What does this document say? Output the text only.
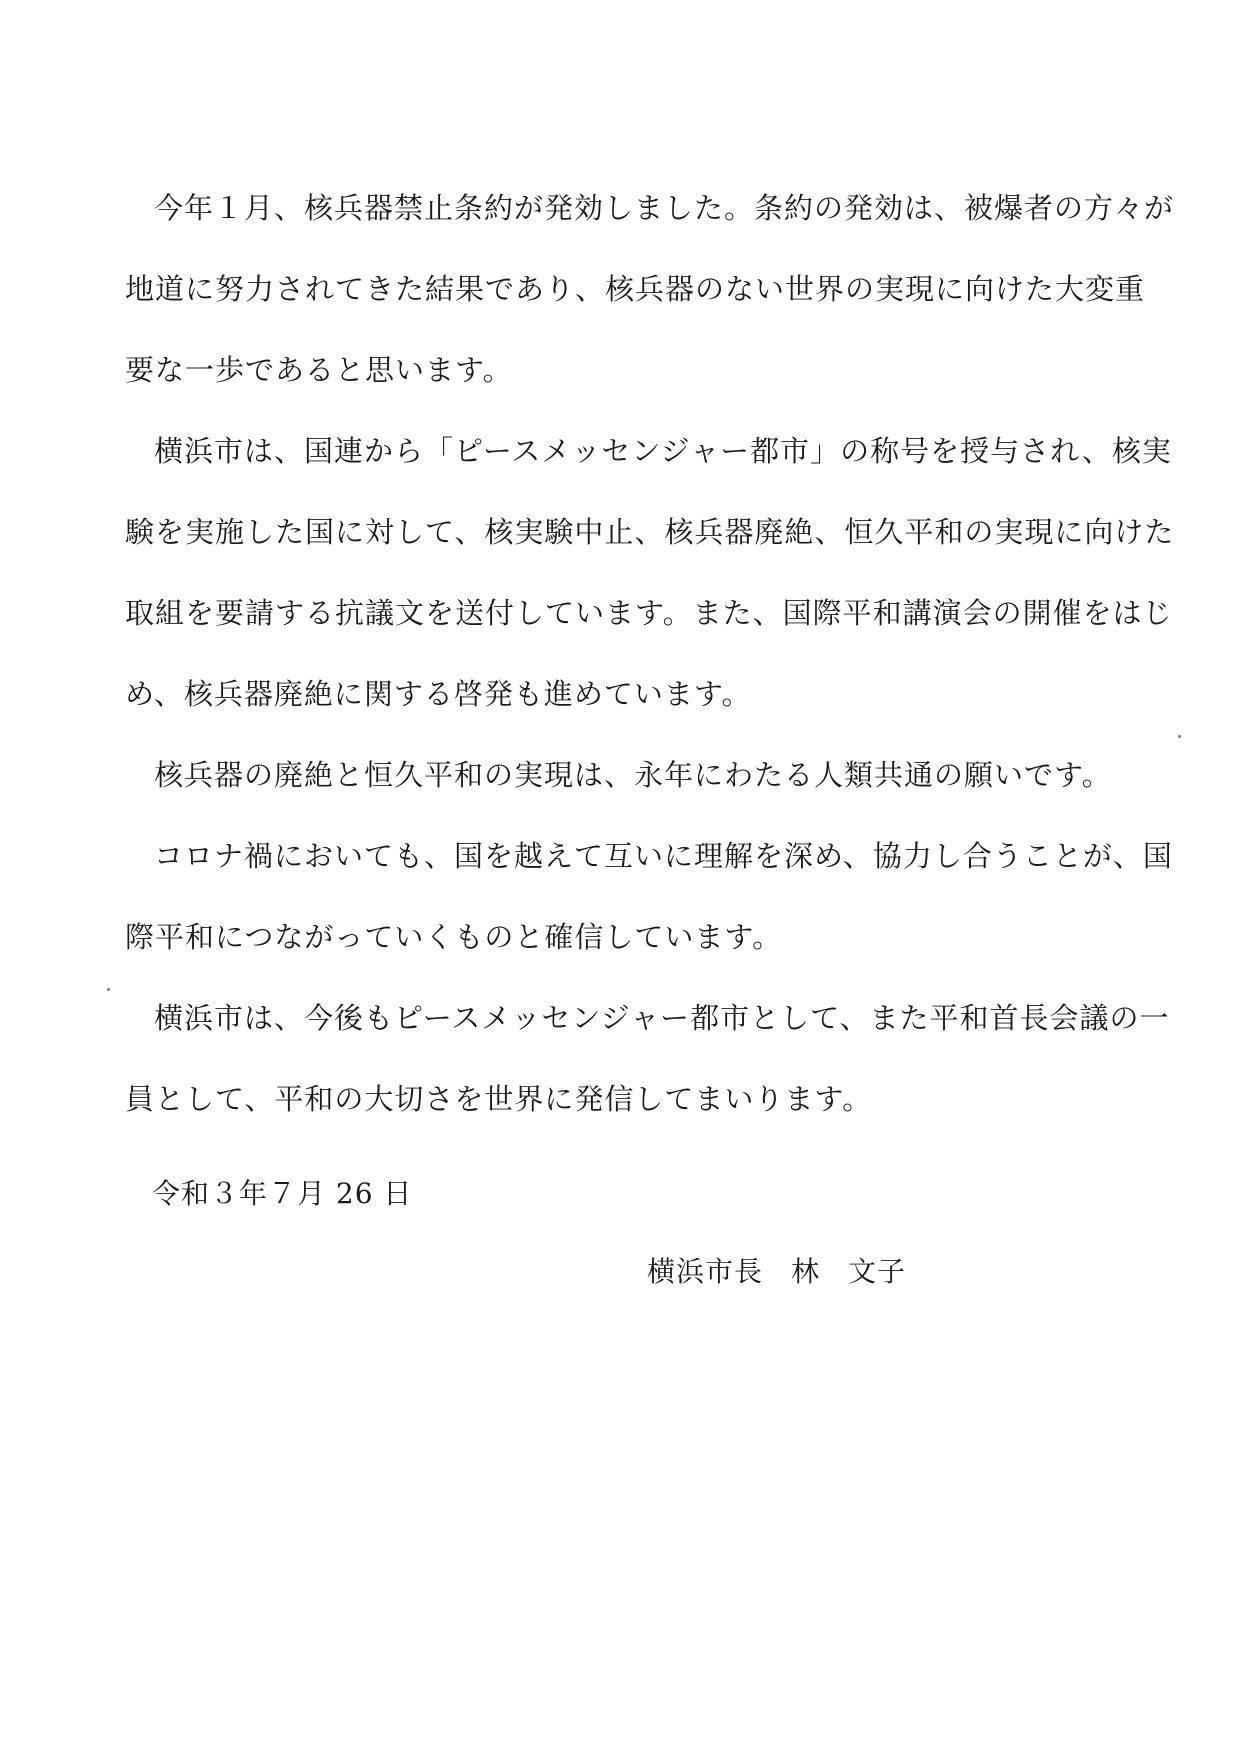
今年１月、核兵器禁止条約が発効しました。条約の発効は、被爆者の方々が
地道に努力されてきた結果であり、核兵器のない世界の実現に向けた大変重
要な一歩であると思います。
横浜市は、国連から「ピースメッセンジャー都市」の称号を授与され、核実
験を実施した国に対して、核実験中止、核兵器廃絶、恒久平和の実現に向けた
取組を要請する抗議文を送付しています。また、国際平和講演会の開催をはじ
め、核兵器廃絶に関する啓発も進めています。
核兵器の廃絶と恒久平和の実現は、永年にわたる人類共通の願いです。
コロナ禍においても、国を越えて互いに理解を深め、協力し合うことが、国
際平和につながっていくものと確信しています。
横浜市は、今後もピースメッセンジャー都市として、また平和首長会議の一
員として、平和の大切さを世界に発信してまいります。
令和３年７月 26 日
横浜市長 林 文子
